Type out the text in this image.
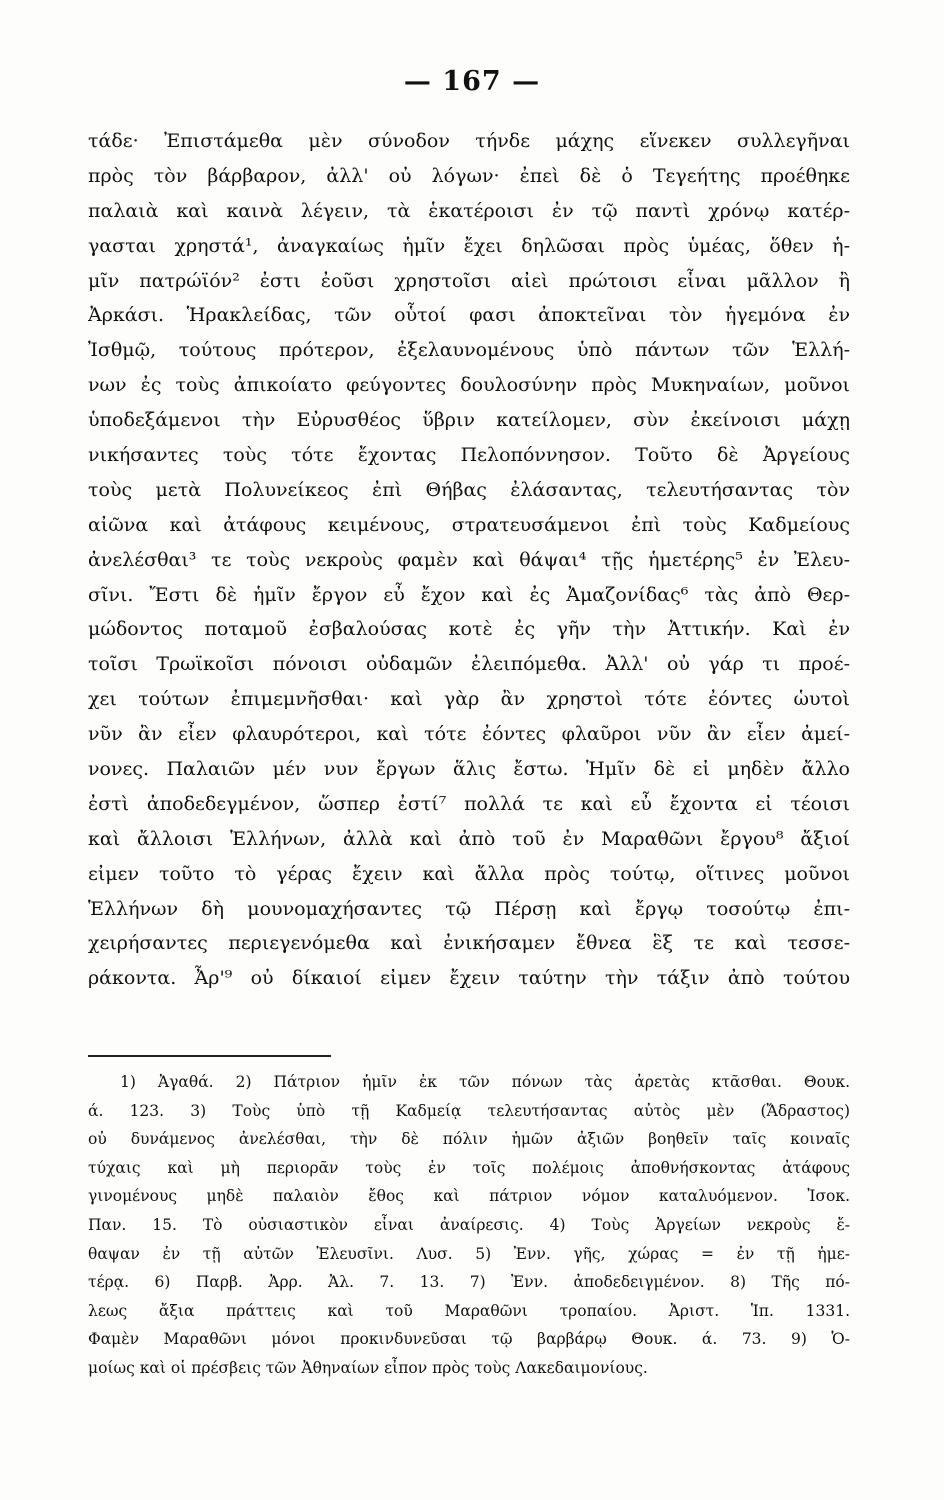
— 167 —
τάδε· Ἐπιστάμεθα μὲν σύνοδον τήνδε μάχης εἵνεκεν συλλεγῆναι
πρὸς τὸν βάρβαρον, ἀλλ' οὐ λόγων· ἐπεὶ δὲ ὁ Τεγεήτης προέθηκε
παλαιὰ καὶ καινὰ λέγειν, τὰ ἑκατέροισι ἐν τῷ παντὶ χρόνῳ κατέρ-
γασται χρηστά¹, ἀναγκαίως ἡμῖν ἔχει δηλῶσαι πρὸς ὑμέας, ὅθεν ἡ-
μῖν πατρώϊόν² ἐστι ἐοῦσι χρηστοῖσι αἰεὶ πρώτοισι εἶναι μᾶλλον ἢ
Ἀρκάσι. Ἡρακλείδας, τῶν οὗτοί φασι ἀποκτεῖναι τὸν ἡγεμόνα ἐν
Ἰσθμῷ, τούτους πρότερον, ἐξελαυνομένους ὑπὸ πάντων τῶν Ἑλλή-
νων ἐς τοὺς ἀπικοίατο φεύγοντες δουλοσύνην πρὸς Μυκηναίων, μοῦνοι
ὑποδεξάμενοι τὴν Εὐρυσθέος ὕβριν κατείλομεν, σὺν ἐκείνοισι μάχῃ
νικήσαντες τοὺς τότε ἔχοντας Πελοπόννησον. Τοῦτο δὲ Ἀργείους
τοὺς μετὰ Πολυνείκεος ἐπὶ Θήβας ἐλάσαντας, τελευτήσαντας τὸν
αἰῶνα καὶ ἀτάφους κειμένους, στρατευσάμενοι ἐπὶ τοὺς Καδμείους
ἀνελέσθαι³ τε τοὺς νεκροὺς φαμὲν καὶ θάψαι⁴ τῇς ἡμετέρης⁵ ἐν Ἐλευ-
σῖνι. Ἔστι δὲ ἡμῖν ἔργον εὖ ἔχον καὶ ἐς Ἀμαζονίδας⁶ τὰς ἀπὸ Θερ-
μώδοντος ποταμοῦ ἐσβαλούσας κοτὲ ἐς γῆν τὴν Ἀττικήν. Καὶ ἐν
τοῖσι Τρωϊκοῖσι πόνοισι οὐδαμῶν ἐλειπόμεθα. Ἀλλ' οὐ γάρ τι προέ-
χει τούτων ἐπιμεμνῆσθαι· καὶ γὰρ ἂν χρηστοὶ τότε ἐόντες ὡυτοὶ
νῦν ἂν εἶεν φλαυρότεροι, καὶ τότε ἐόντες φλαῦροι νῦν ἂν εἶεν ἀμεί-
νονες. Παλαιῶν μέν νυν ἔργων ἅλις ἔστω. Ἡμῖν δὲ εἰ μηδὲν ἄλλο
ἐστὶ ἀποδεδεγμένον, ὥσπερ ἐστί⁷ πολλά τε καὶ εὖ ἔχοντα εἰ τέοισι
καὶ ἄλλοισι Ἑλλήνων, ἀλλὰ καὶ ἀπὸ τοῦ ἐν Μαραθῶνι ἔργου⁸ ἄξιοί
εἰμεν τοῦτο τὸ γέρας ἔχειν καὶ ἄλλα πρὸς τούτῳ, οἵτινες μοῦνοι
Ἑλλήνων δὴ μουνομαχήσαντες τῷ Πέρσῃ καὶ ἔργῳ τοσούτῳ ἐπι-
χειρήσαντες περιεγενόμεθα καὶ ἐνικήσαμεν ἔθνεα ἓξ τε καὶ τεσσε-
ράκοντα. Ἆρ'⁹ οὐ δίκαιοί εἰμεν ἔχειν ταύτην τὴν τάξιν ἀπὸ τούτου
1) Ἀγαθά. 2) Πάτριον ἡμῖν ἐκ τῶν πόνων τὰς ἀρετὰς κτᾶσθαι. Θουκ.
ά. 123. 3) Τοὺς ὑπὸ τῇ Καδμείᾳ τελευτήσαντας αὐτὸς μὲν (Ἄδραστος)
οὐ δυνάμενος ἀνελέσθαι, τὴν δὲ πόλιν ἡμῶν ἀξιῶν βοηθεῖν ταῖς κοιναῖς
τύχαις καὶ μὴ περιορᾶν τοὺς ἐν τοῖς πολέμοις ἀποθνήσκοντας ἀτάφους
γινομένους μηδὲ παλαιὸν ἔθος καὶ πάτριον νόμον καταλυόμενον. Ἰσοκ.
Παν. 15. Τὸ οὐσιαστικὸν εἶναι ἀναίρεσις. 4) Τοὺς Ἀργείων νεκροὺς ἔ-
θαψαν ἐν τῇ αὐτῶν Ἐλευσῖνι. Λυσ. 5) Ἐνν. γῆς, χώρας = ἐν τῇ ἡμε-
τέρᾳ. 6) Παρβ. Ἀρρ. Ἀλ. 7. 13. 7) Ἐνν. ἀποδεδειγμένον. 8) Τῆς πό-
λεως ἄξια πράττεις καὶ τοῦ Μαραθῶνι τροπαίου. Ἀριστ. Ἱπ. 1331.
Φαμὲν Μαραθῶνι μόνοι προκινδυνεῦσαι τῷ βαρβάρῳ Θουκ. ά. 73. 9) Ὁ-
μοίως καὶ οἱ πρέσβεις τῶν Ἀθηναίων εἶπον πρὸς τοὺς Λακεδαιμονίους.
